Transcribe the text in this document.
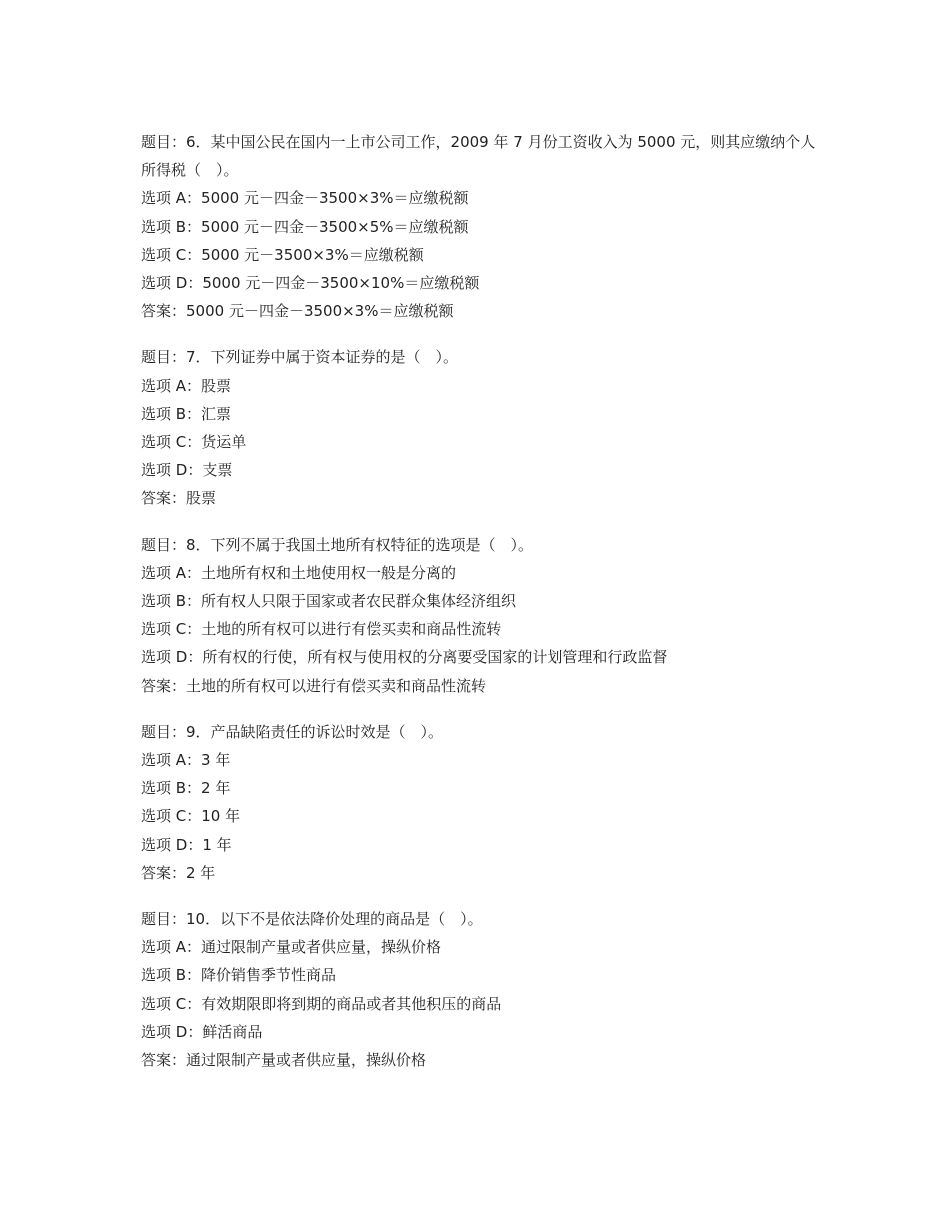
题目：6．某中国公民在国内一上市公司工作，2009 年 7 月份工资收入为 5000 元，则其应缴纳个人所得税（　）。

选项 A：5000 元－四金－3500×3%＝应缴税额

选项 B：5000 元－四金－3500×5%＝应缴税额

选项 C：5000 元－3500×3%＝应缴税额

选项 D：5000 元－四金－3500×10%＝应缴税额

答案：5000 元－四金－3500×3%＝应缴税额

题目：7．下列证券中属于资本证券的是（　）。

选项 A：股票

选项 B：汇票

选项 C：货运单

选项 D：支票

答案：股票

题目：8．下列不属于我国土地所有权特征的选项是（　）。

选项 A：土地所有权和土地使用权一般是分离的

选项 B：所有权人只限于国家或者农民群众集体经济组织

选项 C：土地的所有权可以进行有偿买卖和商品性流转

选项 D：所有权的行使，所有权与使用权的分离要受国家的计划管理和行政监督

答案：土地的所有权可以进行有偿买卖和商品性流转

题目：9．产品缺陷责任的诉讼时效是（　）。

选项 A：3 年

选项 B：2 年

选项 C：10 年

选项 D：1 年

答案：2 年

题目：10．以下不是依法降价处理的商品是（　）。

选项 A：通过限制产量或者供应量，操纵价格

选项 B：降价销售季节性商品

选项 C：有效期限即将到期的商品或者其他积压的商品

选项 D：鲜活商品

答案：通过限制产量或者供应量，操纵价格
